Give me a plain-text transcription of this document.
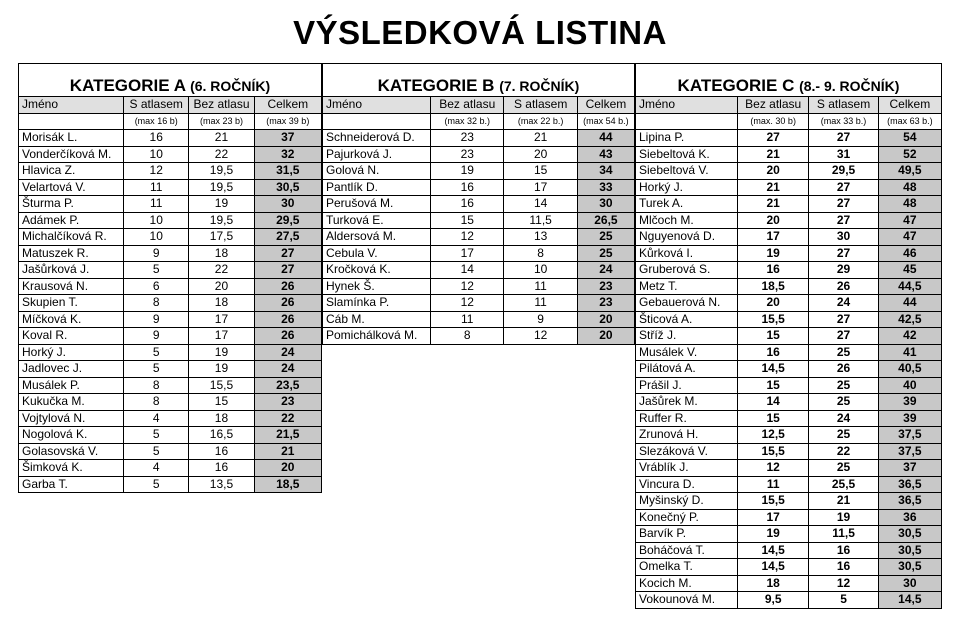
VÝSLEDKOVÁ LISTINA
KATEGORIE A (6. ROČNÍK)			
Jméno	S atlasem	Bez atlasu	Celkem
	(max 16 b)	(max 23 b)	(max 39 b)
Morisák L.	16	21	37
Vonderčíková M.	10	22	32
Hlavica Z.	12	19,5	31,5
Velartová V.	11	19,5	30,5
Šturma P.	11	19	30
Adámek P.	10	19,5	29,5
Michalčíková R.	10	17,5	27,5
Matuszek R.	9	18	27
Jašůrková J.	5	22	27
Krausová N.	6	20	26
Skupien T.	8	18	26
Míčková K.	9	17	26
Koval R.	9	17	26
Horký J.	5	19	24
Jadlovec J.	5	19	24
Musálek P.	8	15,5	23,5
Kukučka M.	8	15	23
Vojtylová N.	4	18	22
Nogolová K.	5	16,5	21,5
Golasovská V.	5	16	21
Šimková K.	4	16	20
Garba T.	5	13,5	18,5
KATEGORIE B (7. ROČNÍK)			
Jméno	Bez atlasu	S atlasem	Celkem
	(max 32 b.)	(max 22 b.)	(max 54 b.)
Schneiderová D.	23	21	44
Pajurková J.	23	20	43
Golová N.	19	15	34
Pantlík D.	16	17	33
Perušová M.	16	14	30
Turková E.	15	11,5	26,5
Aldersová M.	12	13	25
Cebula V.	17	8	25
Kročková K.	14	10	24
Hynek Š.	12	11	23
Slamínka P.	12	11	23
Cáb M.	11	9	20
Pomichálková M.	8	12	20
KATEGORIE C (8.- 9. ROČNÍK)			
Jméno	Bez atlasu	S atlasem	Celkem
	(max. 30 b)	(max 33 b.)	(max 63 b.)
Lipina P.	27	27	54
Siebeltová K.	21	31	52
Siebeltová V.	20	29,5	49,5
Horký J.	21	27	48
Turek A.	21	27	48
Mlčoch M.	20	27	47
Nguyenová D.	17	30	47
Kůrková I.	19	27	46
Gruberová S.	16	29	45
Metz T.	18,5	26	44,5
Gebauerová N.	20	24	44
Šticová A.	15,5	27	42,5
Stříž J.	15	27	42
Musálek V.	16	25	41
Pilátová A.	14,5	26	40,5
Prášil J.	15	25	40
Jašůrek M.	14	25	39
Ruffer R.	15	24	39
Zrunová H.	12,5	25	37,5
Slezáková V.	15,5	22	37,5
Vráblík J.	12	25	37
Vincura D.	11	25,5	36,5
Myšinský D.	15,5	21	36,5
Konečný P.	17	19	36
Barvík P.	19	11,5	30,5
Boháčová T.	14,5	16	30,5
Omelka T.	14,5	16	30,5
Kocich M.	18	12	30
Vokounová M.	9,5	5	14,5
